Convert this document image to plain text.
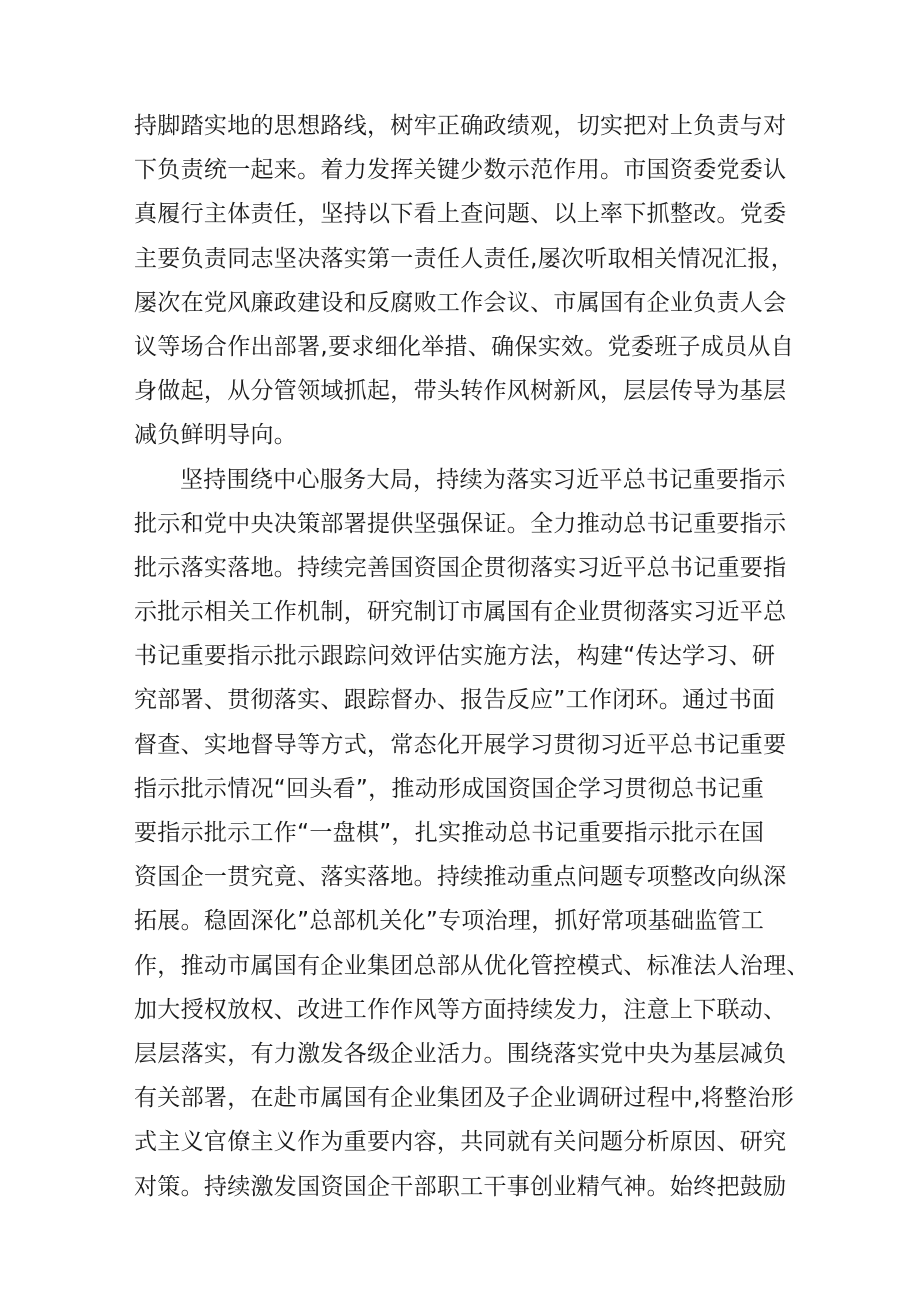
持脚踏实地的思想路线，树牢正确政绩观，切实把对上负责与对
下负责统一起来。着力发挥关键少数示范作用。市国资委党委认
真履行主体责任，坚持以下看上查问题、以上率下抓整改。党委
主要负责同志坚决落实第一责任人责任,屡次听取相关情况汇报，
屡次在党风廉政建设和反腐败工作会议、市属国有企业负责人会
议等场合作出部署,要求细化举措、确保实效。党委班子成员从自
身做起，从分管领域抓起，带头转作风树新风，层层传导为基层
减负鲜明导向。
坚持围绕中心服务大局，持续为落实习近平总书记重要指示
批示和党中央决策部署提供坚强保证。全力推动总书记重要指示
批示落实落地。持续完善国资国企贯彻落实习近平总书记重要指
示批示相关工作机制，研究制订市属国有企业贯彻落实习近平总
书记重要指示批示跟踪问效评估实施方法，构建“传达学习、研
究部署、贯彻落实、跟踪督办、报告反应”工作闭环。通过书面
督查、实地督导等方式，常态化开展学习贯彻习近平总书记重要
指示批示情况“回头看”，推动形成国资国企学习贯彻总书记重
要指示批示工作“一盘棋”，扎实推动总书记重要指示批示在国
资国企一贯究竟、落实落地。持续推动重点问题专项整改向纵深
拓展。稳固深化”总部机关化”专项治理，抓好常项基础监管工
作，推动市属国有企业集团总部从优化管控模式、标准法人治理、
加大授权放权、改进工作作风等方面持续发力，注意上下联动、
层层落实，有力激发各级企业活力。围绕落实党中央为基层减负
有关部署，在赴市属国有企业集团及子企业调研过程中,将整治形
式主义官僚主义作为重要内容，共同就有关问题分析原因、研究
对策。持续激发国资国企干部职工干事创业精气神。始终把鼓励
